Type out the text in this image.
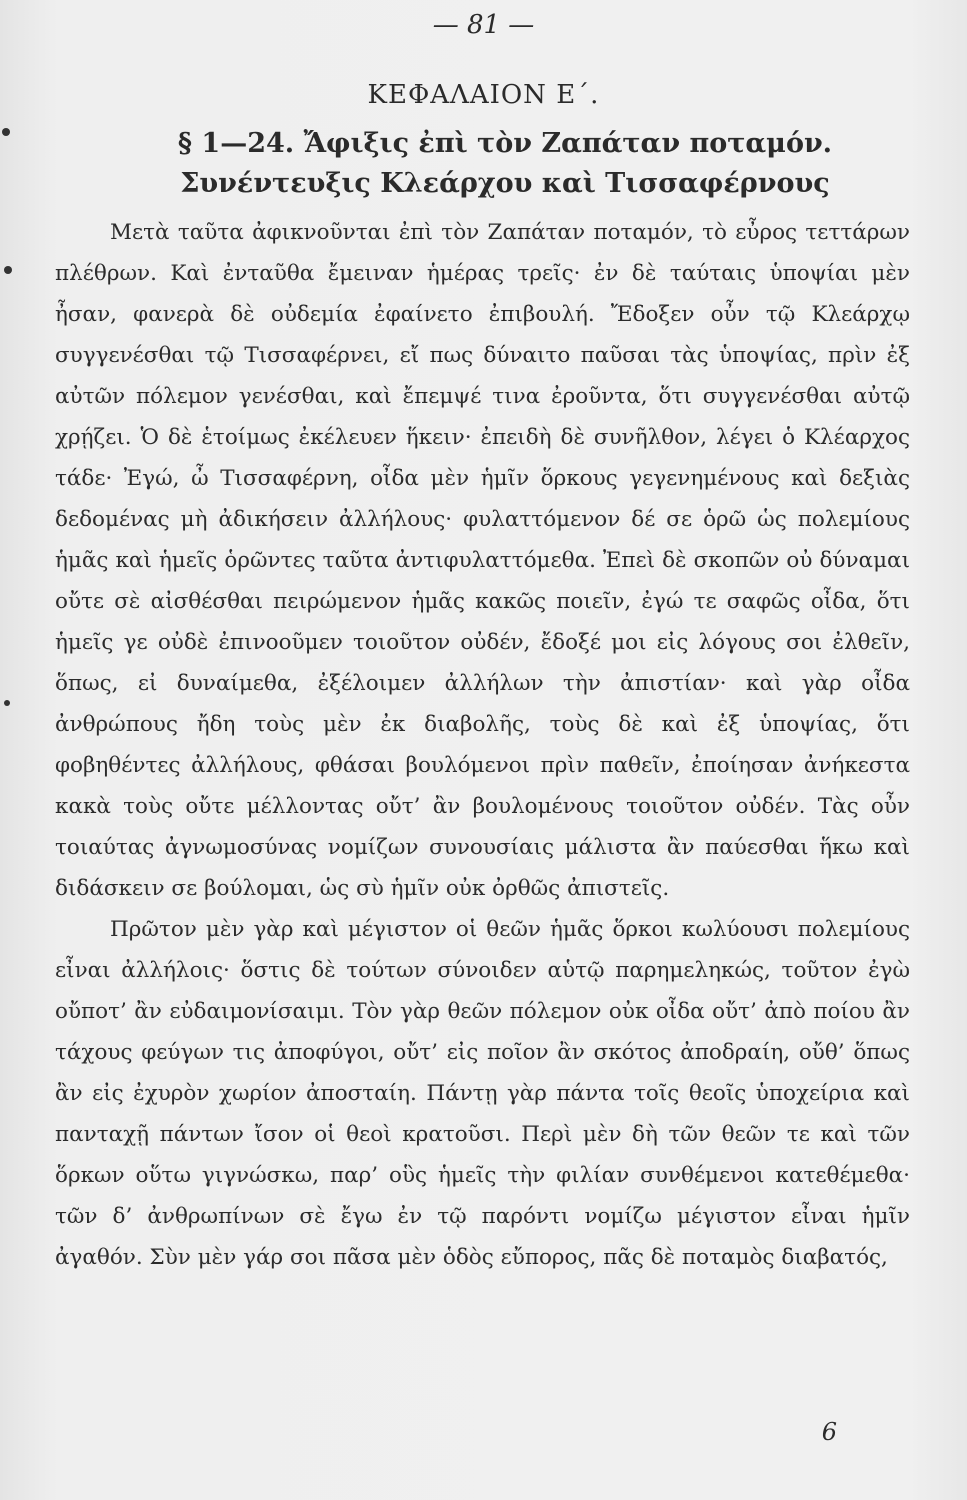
— 81 —
ΚΕΦΑΛΑΙΟΝ Ε΄.
§ 1—24. Ἄφιξις ἐπὶ τὸν Ζαπάταν ποταμόν. Συνέντευξις Κλεάρχου καὶ Τισσαφέρνους

Μετὰ ταῦτα ἀφικνοῦνται ἐπὶ τὸν Ζαπάταν ποταμόν, τὸ εὖρος τεττάρων πλέθρων. Καὶ ἐνταῦθα ἔμειναν ἡμέρας τρεῖς· ἐν δὲ ταύταις ὑποψίαι μὲν ἦσαν, φανερὰ δὲ οὐδεμία ἐφαίνετο ἐπιβουλή. Ἔδοξεν οὖν τῷ Κλεάρχῳ συγγενέσθαι τῷ Τισσαφέρνει, εἴ πως δύναιτο παῦσαι τὰς ὑποψίας, πρὶν ἐξ αὐτῶν πόλεμον γενέσθαι, καὶ ἔπεμψέ τινα ἐροῦντα, ὅτι συγγενέσθαι αὐτῷ χρῄζει. Ὁ δὲ ἑτοίμως ἐκέλευεν ἥκειν· ἐπειδὴ δὲ συνῆλθον, λέγει ὁ Κλέαρχος τάδε· Ἐγώ, ὦ Τισσαφέρνη, οἶδα μὲν ἡμῖν ὅρκους γεγενημένους καὶ δεξιὰς δεδομένας μὴ ἀδικήσειν ἀλλήλους· φυλαττόμενον δέ σε ὁρῶ ὡς πολεμίους ἡμᾶς καὶ ἡμεῖς ὁρῶντες ταῦτα ἀντιφυλαττόμεθα. Ἐπεὶ δὲ σκοπῶν οὐ δύναμαι οὔτε σὲ αἰσθέσθαι πειρώμενον ἡμᾶς κακῶς ποιεῖν, ἐγώ τε σαφῶς οἶδα, ὅτι ἡμεῖς γε οὐδὲ ἐπινοοῦμεν τοιοῦτον οὐδέν, ἔδοξέ μοι εἰς λόγους σοι ἐλθεῖν, ὅπως, εἰ δυναίμεθα, ἐξέλοιμεν ἀλλήλων τὴν ἀπιστίαν· καὶ γὰρ οἶδα ἀνθρώπους ἤδη τοὺς μὲν ἐκ διαβολῆς, τοὺς δὲ καὶ ἐξ ὑποψίας, ὅτι φοβηθέντες ἀλλήλους, φθάσαι βουλόμενοι πρὶν παθεῖν, ἐποίησαν ἀνήκεστα κακὰ τοὺς οὔτε μέλλοντας οὔτ’ ἂν βουλομένους τοιοῦτον οὐδέν. Τὰς οὖν τοιαύτας ἀγνωμοσύνας νομίζων συνουσίαις μάλιστα ἂν παύεσθαι ἥκω καὶ διδάσκειν σε βούλομαι, ὡς σὺ ἡμῖν οὐκ ὀρθῶς ἀπιστεῖς.

Πρῶτον μὲν γὰρ καὶ μέγιστον οἱ θεῶν ἡμᾶς ὅρκοι κωλύουσι πολεμίους εἶναι ἀλλήλοις· ὅστις δὲ τούτων σύνοιδεν αὑτῷ παρημεληκώς, τοῦτον ἐγὼ οὔποτ’ ἂν εὐδαιμονίσαιμι. Τὸν γὰρ θεῶν πόλεμον οὐκ οἶδα οὔτ’ ἀπὸ ποίου ἂν τάχους φεύγων τις ἀποφύγοι, οὔτ’ εἰς ποῖον ἂν σκότος ἀποδραίη, οὔθ’ ὅπως ἂν εἰς ἐχυρὸν χωρίον ἀποσταίη. Πάντῃ γὰρ πάντα τοῖς θεοῖς ὑποχείρια καὶ πανταχῇ πάντων ἴσον οἱ θεοὶ κρατοῦσι. Περὶ μὲν δὴ τῶν θεῶν τε καὶ τῶν ὅρκων οὕτω γιγνώσκω, παρ’ οὓς ἡμεῖς τὴν φιλίαν συνθέμενοι κατεθέμεθα· τῶν δ’ ἀνθρωπίνων σὲ ἔγω ἐν τῷ παρόντι νομίζω μέγιστον εἶναι ἡμῖν ἀγαθόν. Σὺν μὲν γάρ σοι πᾶσα μὲν ὁδὸς εὔπορος, πᾶς δὲ ποταμὸς διαβατός,

6
